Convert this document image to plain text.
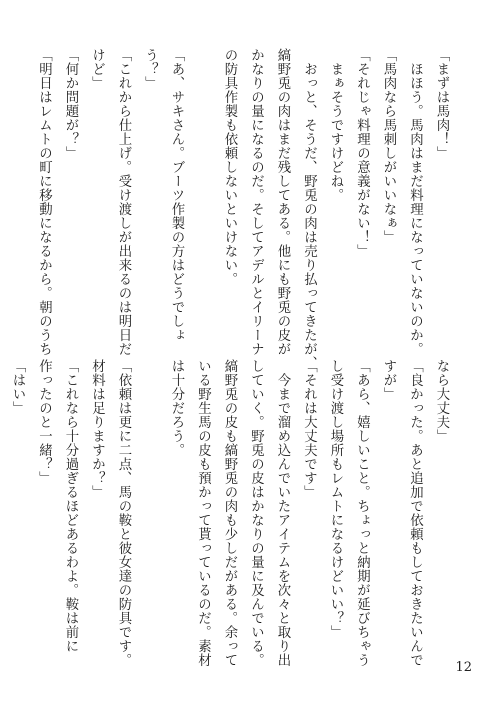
「まずは馬肉！」
　ほほう。馬肉はまだ料理になっていないのか。
「馬肉なら馬刺しがいいなぁ」
「それじゃ料理の意義がない！」
　まぁそうですけどね。
　おっと、そうだ、野兎の肉は売り払ってきたが、
縞野兎の肉はまだ残してある。他にも野兎の皮が
かなりの量になるのだ。そしてアデルとイリーナ
の防具作製も依頼しないといけない。

「あ、サキさん。ブーツ作製の方はどうでしょ
う？」
「これから仕上げ。受け渡しが出来るのは明日だ
けど」
「何か問題が？」
「明日はレムトの町に移動になるから。朝のうち
なら大丈夫」
「良かった。あと追加で依頼もしておきたいんで
すが」
「あら、嬉しいこと。ちょっと納期が延びちゃう
し受け渡し場所もレムトになるけどいい？」
「それは大丈夫です」
　今まで溜め込んでいたアイテムを次々と取り出
していく。野兎の皮はかなりの量に及んでいる。
縞野兎の皮も縞野兎の肉も少しだがある。余って
いる野生馬の皮も預かって貰っているのだ。素材
は十分だろう。

「依頼は更に二点、馬の鞍と彼女達の防具です。
材料は足りますか？」
「これなら十分過ぎるほどあるわよ。鞍は前に
作ったのと一緒？」
「はい」
12
